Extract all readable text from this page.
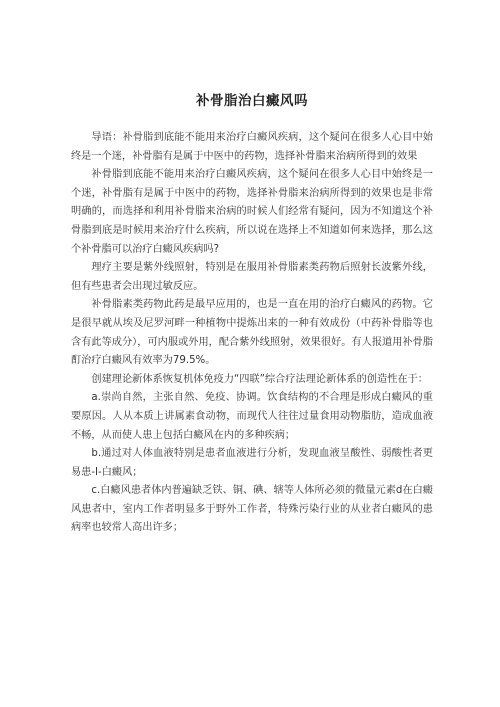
补骨脂治白癜风吗

导语：补骨脂到底能不能用来治疗白癜风疾病，这个疑问在很多人心目中始终是一个迷，补骨脂有是属于中医中的药物，选择补骨脂来治病所得到的效果

补骨脂到底能不能用来治疗白癜风疾病，这个疑问在很多人心目中始终是一个迷，补骨脂有是属于中医中的药物，选择补骨脂来治病所得到的效果也是非常明确的，而选择和利用补骨脂来治病的时候人们经常有疑问，因为不知道这个补骨脂到底是时候用来治疗什么疾病，所以说在选择上不知道如何来选择，那么这个补骨脂可以治疗白癜风疾病吗?

理疗主要是紫外线照射，特别是在服用补骨脂素类药物后照射长波紫外线，但有些患者会出现过敏反应。

补骨脂素类药物此药是最早应用的，也是一直在用的治疗白癜风的药物。它是很早就从埃及尼罗河畔一种植物中提炼出来的一种有效成份（中药补骨脂等也含有此等成分），可内服或外用，配合紫外线照射，效果很好。有人报道用补骨脂酊治疗白癜风有效率为79.5%。

创建理论新体系恢复机体免疫力“四联”综合疗法理论新体系的创造性在于：

a.崇尚自然，主张自然、免疫、协调。饮食结构的不合理是形成白癜风的重要原因。人从本质上讲属素食动物，而现代人往往过量食用动物脂肪，造成血液不畅，从而使人患上包括白癜风在内的多种疾病；

b.通过对人体血液特别是患者血液进行分析，发现血液呈酸性、弱酸性者更易患-I-白癜风；

c.白癜风患者体内普遍缺乏铁、铜、碘、辖等人体所必须的微量元素d在白癜风患者中，室内工作者明显多于野外工作者，特殊污染行业的从业者白癜风的患病率也较常人高出许多；
